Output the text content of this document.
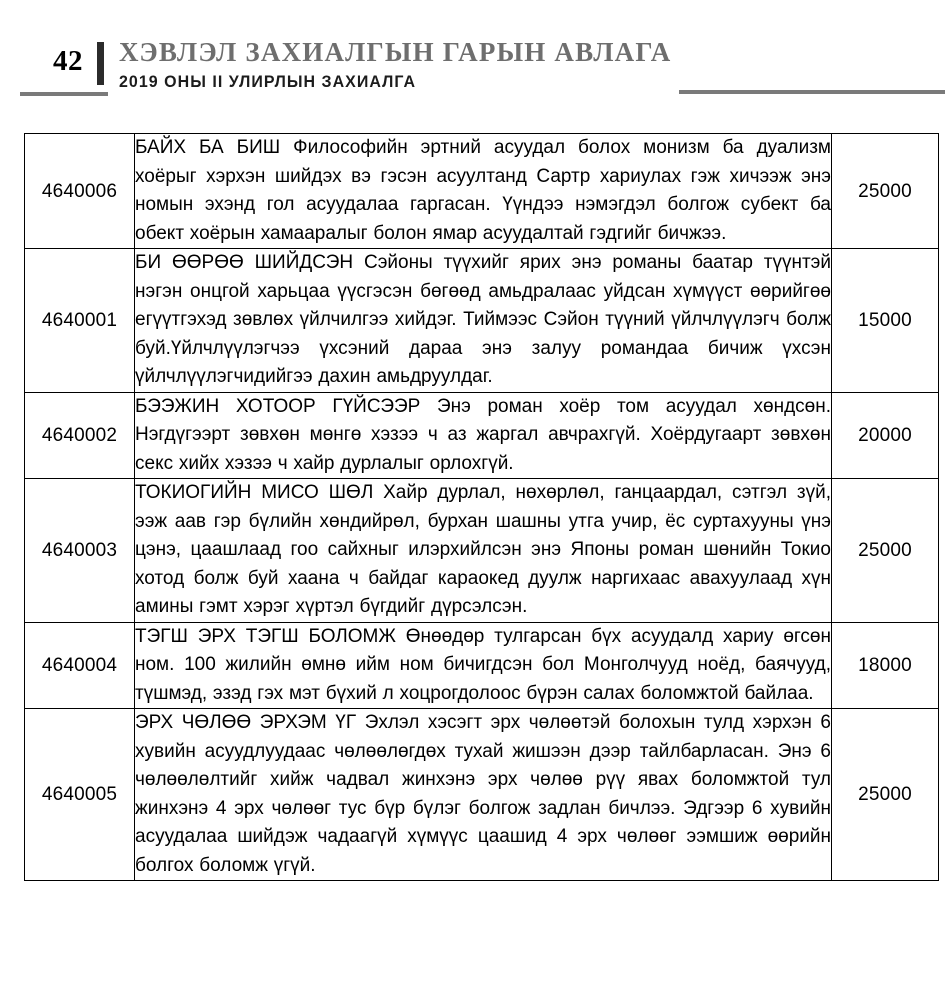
42	ХЭВЛЭЛ ЗАХИАЛГЫН ГАРЫН АВЛАГА
2019 ОНЫ II УЛИРЛЫН ЗАХИАЛГА
4640006	БАЙХ БА БИШ Философийн эртний асуудал болох монизм ба дуализм хоёрыг хэрхэн шийдэх вэ гэсэн асуултанд Сартр хариулах гэж хичээж энэ номын эхэнд гол асуудалаа гаргасан. Үүндээ нэмэгдэл болгож субект ба обект хоёрын хамааралыг болон ямар асуудалтай гэдгийг бичжээ.	25000
4640001	БИ ӨӨРӨӨ ШИЙДСЭН Сэйоны түүхийг ярих энэ романы баатар түүнтэй нэгэн онцгой харьцаа үүсгэсэн бөгөөд амьдралаас уйдсан хүмүүст өөрийгөө егүүтгэхэд зөвлөх үйлчилгээ хийдэг. Тиймээс Сэйон түүний үйлчлүүлэгч болж буй.Үйлчлүүлэгчээ үхсэний дараа энэ залуу романдаа бичиж үхсэн үйлчлүүлэгчидийгээ дахин амьдруулдаг.	15000
4640002	БЭЭЖИН ХОТООР ГҮЙСЭЭР Энэ роман хоёр том асуудал хөндсөн. Нэгдүгээрт зөвхөн мөнгө хэзээ ч аз жаргал авчрахгүй. Хоёрдугаарт зөвхөн секс хийх хэзээ ч хайр дурлалыг орлохгүй.	20000
4640003	ТОКИОГИЙН МИСО ШӨЛ Хайр дурлал, нөхөрлөл, ганцаардал, сэтгэл зүй, ээж аав гэр бүлийн хөндийрөл, бурхан шашны утга учир, ёс суртахууны үнэ цэнэ, цаашлаад гоо сайхныг илэрхийлсэн энэ Японы роман шөнийн Токио хотод болж буй хаана ч байдаг караокед дуулж наргихаас авахуулаад хүн амины гэмт хэрэг хүртэл бүгдийг дүрсэлсэн.	25000
4640004	ТЭГШ ЭРХ ТЭГШ БОЛОМЖ Өнөөдөр тулгарсан бүх асуудалд хариу өгсөн ном. 100 жилийн өмнө ийм ном бичигдсэн бол Монголчууд ноёд, баячууд, түшмэд, эзэд гэх мэт бүхий л хоцрогдолоос бүрэн салах боломжтой байлаа.	18000
4640005	ЭРХ ЧӨЛӨӨ ЭРХЭМ ҮГ Эхлэл хэсэгт эрх чөлөөтэй болохын тулд хэрхэн 6 хувийн асуудлуудаас чөлөөлөгдөх тухай жишээн дээр тайлбарласан. Энэ 6 чөлөөлөлтийг хийж чадвал жинхэнэ эрх чөлөө рүү явах боломжтой тул жинхэнэ 4 эрх чөлөөг тус бүр бүлэг болгож задлан бичлээ. Эдгээр 6 хувийн асуудалаа шийдэж чадаагүй хүмүүс цаашид 4 эрх чөлөөг ээмшиж өөрийн болгох боломж үгүй.	25000
